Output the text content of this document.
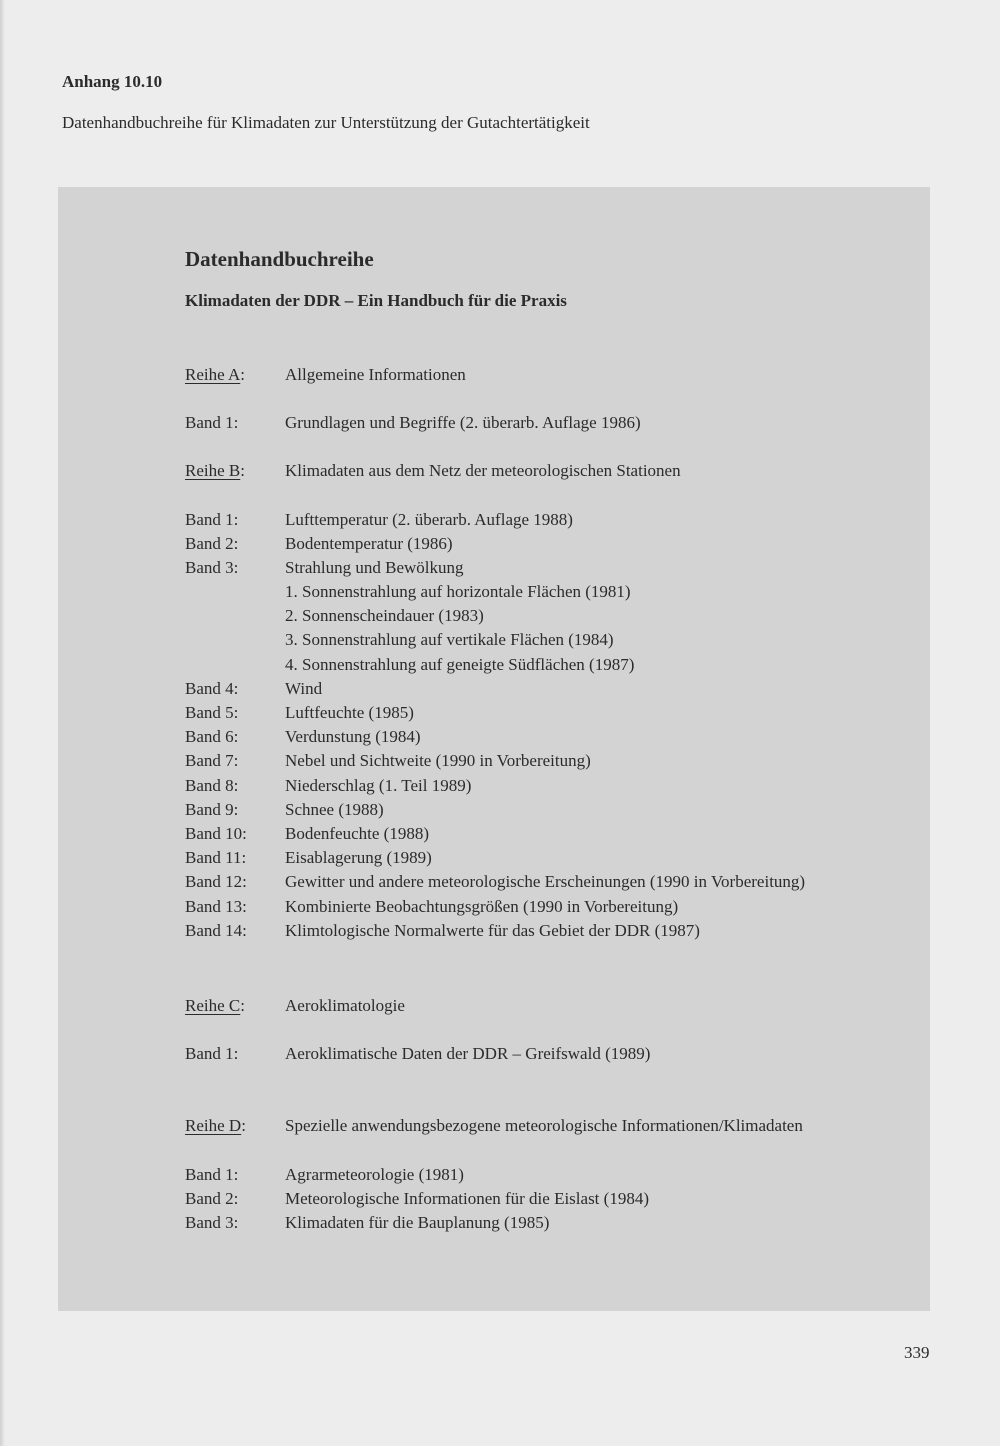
Anhang 10.10
Datenhandbuchreihe für Klimadaten zur Unterstützung der Gutachtertätigkeit
Datenhandbuchreihe
Klimadaten der DDR – Ein Handbuch für die Praxis
Reihe A: Allgemeine Informationen
Band 1:	Grundlagen und Begriffe (2. überarb. Auflage 1986)
Reihe B: Klimadaten aus dem Netz der meteorologischen Stationen
Band 1:	Lufttemperatur (2. überarb. Auflage 1988)
Band 2:	Bodentemperatur (1986)
Band 3:	Strahlung und Bewölkung
1. Sonnenstrahlung auf horizontale Flächen (1981)
2. Sonnenscheindauer (1983)
3. Sonnenstrahlung auf vertikale Flächen (1984)
4. Sonnenstrahlung auf geneigte Südflächen (1987)
Band 4:	Wind
Band 5:	Luftfeuchte (1985)
Band 6:	Verdunstung (1984)
Band 7:	Nebel und Sichtweite (1990 in Vorbereitung)
Band 8:	Niederschlag (1. Teil 1989)
Band 9:	Schnee (1988)
Band 10: Bodenfeuchte (1988)
Band 11: Eisablagerung (1989)
Band 12: Gewitter und andere meteorologische Erscheinungen (1990 in Vorbereitung)
Band 13: Kombinierte Beobachtungsgrößen (1990 in Vorbereitung)
Band 14: Klimtologische Normalwerte für das Gebiet der DDR (1987)
Reihe C: Aeroklimatologie
Band 1:	Aeroklimatische Daten der DDR – Greifswald (1989)
Reihe D: Spezielle anwendungsbezogene meteorologische Informationen/Klimadaten
Band 1:	Agrarmeteorologie (1981)
Band 2:	Meteorologische Informationen für die Eislast (1984)
Band 3:	Klimadaten für die Bauplanung (1985)
339
